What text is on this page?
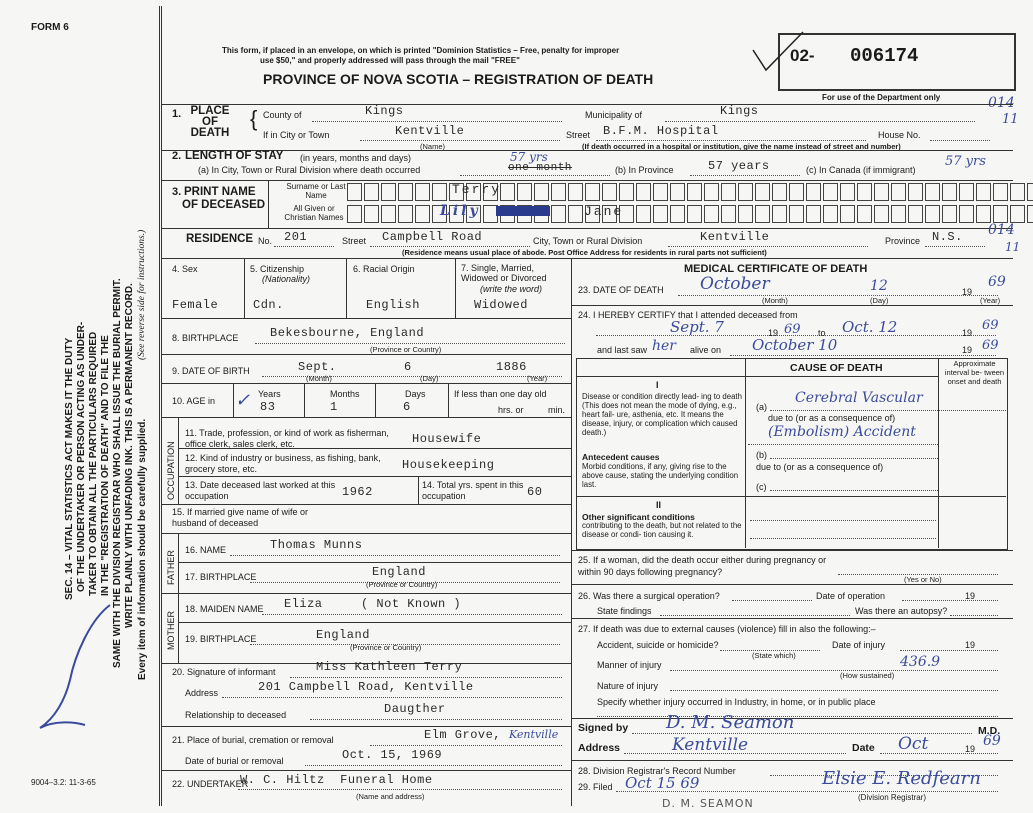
FORM 6
SEC. 14 – VITAL STATISTICS ACT MAKES IT THE DUTY OF THE UNDERTAKER OR PERSON ACTING AS UNDER- TAKER TO OBTAIN ALL THE PARTICULARS REQUIRED IN THE "REGISTRATION OF DEATH" AND TO FILE THE SAME WITH THE DIVISION REGISTRAR WHO SHALL ISSUE THE BURIAL PERMIT. WRITE PLAINLY WITH UNFADING INK. THIS IS A PERMANENT RECORD. Every item of information should be carefully supplied.
(See reverse side for instructions.)
9004–3.2: 11-3-65
This form, if placed in an envelope, on which is printed "Dominion Statistics – Free, penalty for improper
use $50," and properly addressed will pass through the mail "FREE"
PROVINCE OF NOVA SCOTIA – REGISTRATION OF DEATH
02- 006174
For use of the Department only	014
11
1. PLACE OF DEATH
{ County of	Kings	Municipality of	Kings
If in City or Town	Kentville
(Name)
Street B.F.M. Hospital	House No.
(If death occurred in a hospital or institution, give the name instead of street and number)
2. LENGTH OF STAY (in years, months and days)
(a) In City, Town or Rural Division where death occurred
57 yrs
one month	(b) In Province	57 years	(c) In Canada (if immigrant)
57 yrs
3. PRINT NAME
OF DECEASED
Surname or Last Name
All Given or Christian Names
Terry
Lily	Jane
RESIDENCE No. 201	Street Campbell Road	City, Town or Rural Division	Kentville	Province N.S. 014
11
(Residence means usual place of abode. Post Office Address for residents in rural parts not sufficient)
4. Sex
Female
5. Citizenship
(Nationality)
Cdn.
6. Racial Origin
English
7. Single, Married, Widowed or Divorced
(write the word)
Widowed
8. BIRTHPLACE	Bekesbourne, England
(Province or Country)
9. DATE OF BIRTH	Sept.	6	1886
(Month)	(Day)	(Year)
10. AGE in ✓ Years
83
Months
1
Days
6
If less than one day old
hrs. or	min.
OCCUPATION
11. Trade, profession, or kind of work as fisherman, office clerk, sales clerk, etc.	Housewife
12. Kind of industry or business, as fishing, bank, grocery store, etc.	Housekeeping
13. Date deceased last worked at this occupation	1962	14. Total yrs. spent in this occupation	60
15. If married give name of wife or husband of deceased
FATHER
16. NAME	Thomas Munns
17. BIRTHPLACE	England
(Province or Country)
MOTHER
18. MAIDEN NAME Eliza     ( Not Known )
19. BIRTHPLACE	England
(Province or Country)
20. Signature of informant	Miss Kathleen Terry
Address	201 Campbell Road, Kentville
Relationship to deceased	Daugther
21. Place of burial, cremation or removal	Elm Grove, Kentville
Date of burial or removal	Oct. 15, 1969
22. UNDERTAKER
W. C. Hiltz  Funeral Home
(Name and address)
MEDICAL CERTIFICATE OF DEATH
23. DATE OF DEATH October	12	19
69
(Month)	(Day)	(Year)
24. I HEREBY CERTIFY that I attended deceased from
Sept. 7	19 69 to Oct. 12	19 69
and last saw her alive on October 10	19 69
CAUSE OF DEATH	Approximate interval be- tween onset and death
I
Disease or condition directly lead- ing to death (This does not mean the mode of dying, e.g., heart fail- ure, asthenia, etc. It means the disease, injury, or complication which caused death.)
(a)
Cerebral Vascular
due to (or as a consequence of)
(Embolism) Accident
Antecedent causes
Morbid conditions, if any, giving rise to the above cause, stating the underlying condition last.
(b)
due to (or as a consequence of)
(c)
II
Other significant conditions
contributing to the death, but not related to the disease or condi- tion causing it.
25. If a woman, did the death occur either during pregnancy or within 90 days following pregnancy?
(Yes or No)
26. Was there a surgical operation?	Date of operation	19
State findings	Was there an autopsy?
27. If death was due to external causes (violence) fill in also the following:–
Accident, suicide or homicide?
(State which)
Date of injury	19
Manner of injury	436.9
(How sustained)
Nature of injury
Specify whether injury occurred in Industry, in home, or in public place
Signed by D. M. Seamon	M.D.
Address	Kentville	Date Oct	19 69
28. Division Registrar's Record Number
29. Filed Oct 15 69	Elsie E. Redfearn
(Division Registrar)
D. M. SEAMON
